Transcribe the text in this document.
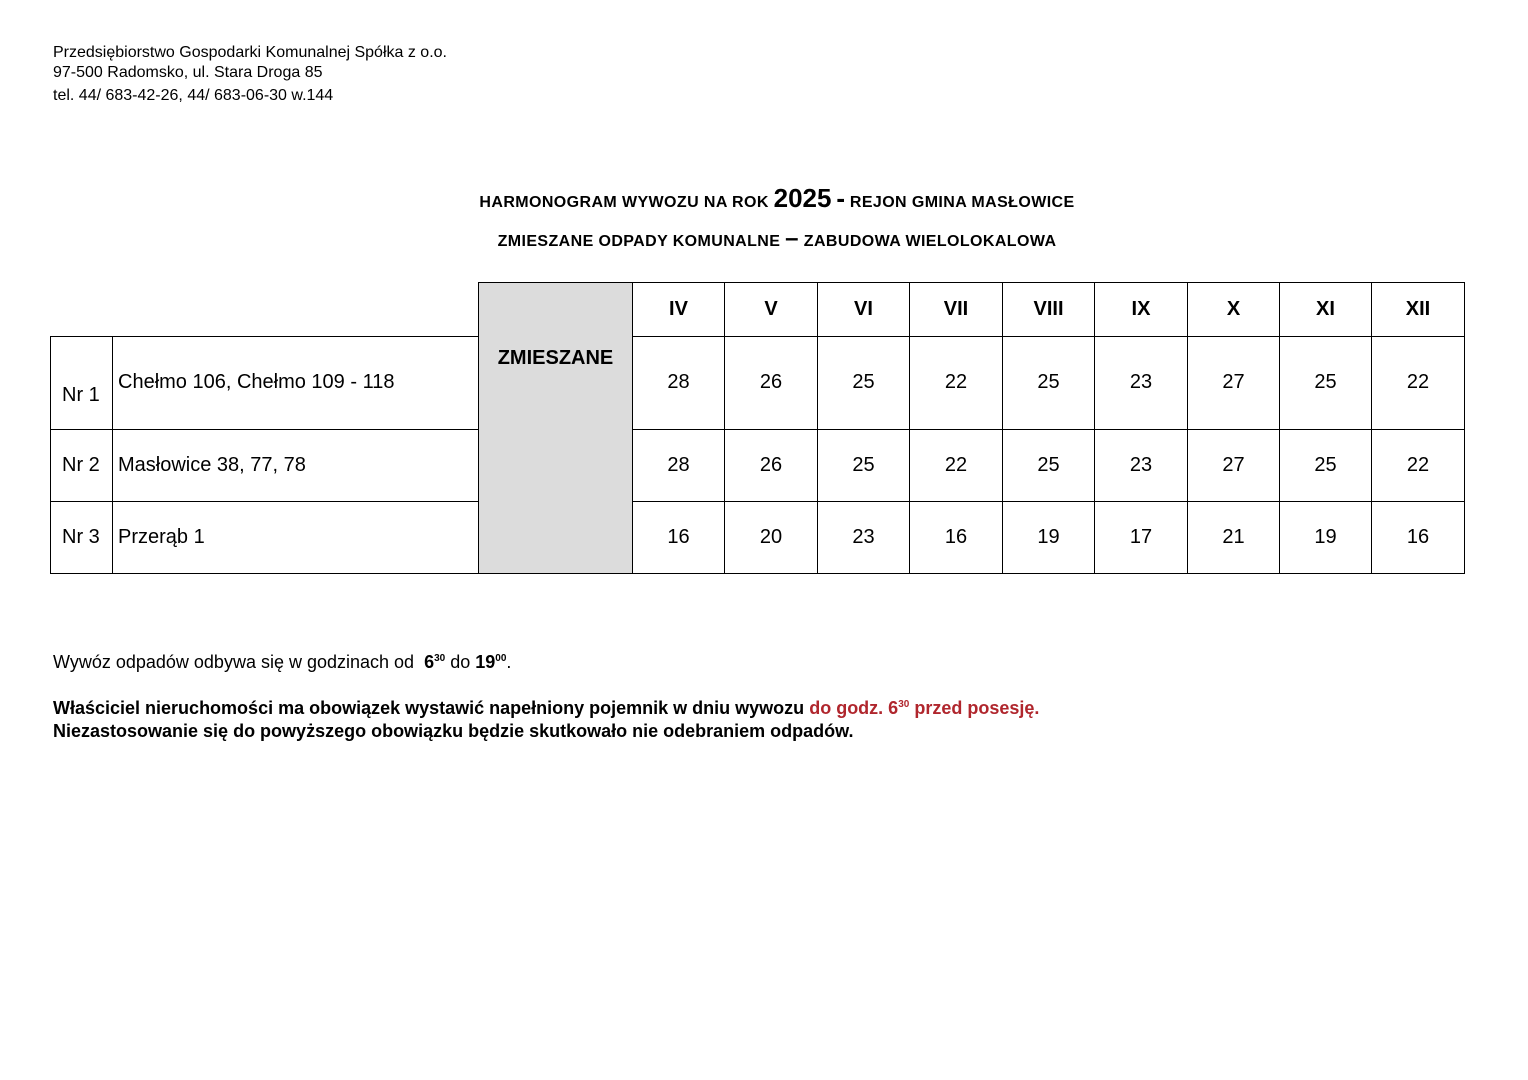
Przedsiębiorstwo Gospodarki Komunalnej Spółka z o.o.
97-500 Radomsko, ul. Stara Droga 85
tel. 44/ 683-42-26, 44/ 683-06-30 w.144
HARMONOGRAM WYWOZU NA ROK 2025 - REJON GMINA MASŁOWICE
ZMIESZANE ODPADY KOMUNALNE – ZABUDOWA WIELOLOKALOWA
		ZMIESZANE	IV	V	VI	VII	VIII	IX	X	XI	XII
Nr 1	Chełmo 106, Chełmo 109 - 118		28	26	25	22	25	23	27	25	22
Nr 2	Masłowice 38, 77, 78		28	26	25	22	25	23	27	25	22
Nr 3	Przerąb 1		16	20	23	16	19	17	21	19	16
Wywóz odpadów odbywa się w godzinach od $6^{30}$ do $19^{00}$.
Właściciel nieruchomości ma obowiązek wystawić napełniony pojemnik w dniu wywozu do godz. $6^{30}$ przed posesję.
Niezastosowanie się do powyższego obowiązku będzie skutkowało nie odebraniem odpadów.
